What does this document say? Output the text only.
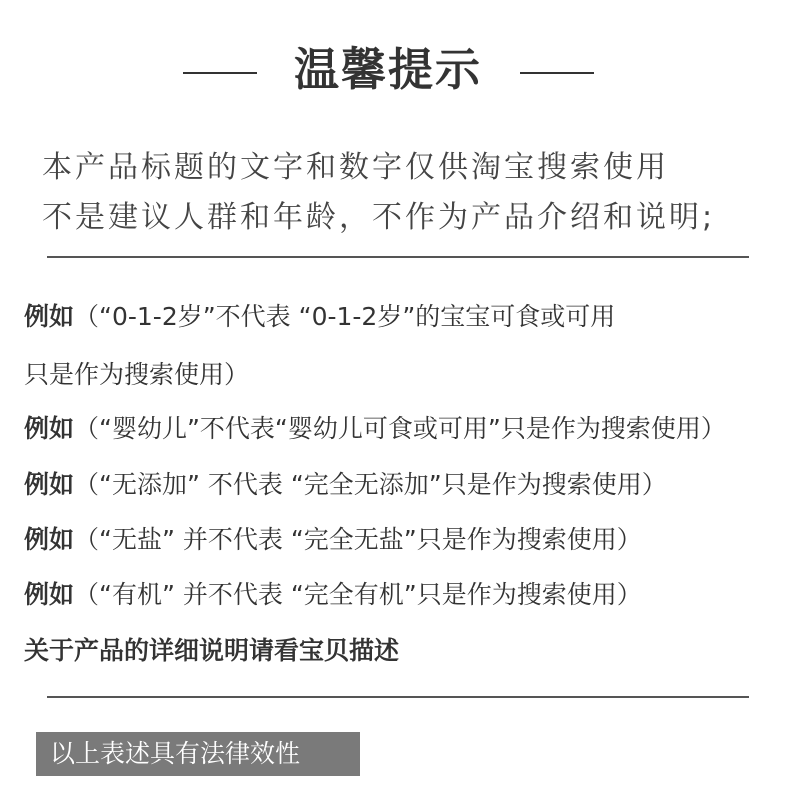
温馨提示
本产品标题的文字和数字仅供淘宝搜索使用
不是建议人群和年龄，不作为产品介绍和说明;
例如（“0-1-2岁”不代表 “0-1-2岁”的宝宝可食或可用
只是作为搜索使用）
例如（“婴幼儿”不代表“婴幼儿可食或可用”只是作为搜索使用）
例如（“无添加” 不代表 “完全无添加”只是作为搜索使用）
例如（“无盐” 并不代表 “完全无盐”只是作为搜索使用）
例如（“有机” 并不代表 “完全有机”只是作为搜索使用）
关于产品的详细说明请看宝贝描述
以上表述具有法律效性
